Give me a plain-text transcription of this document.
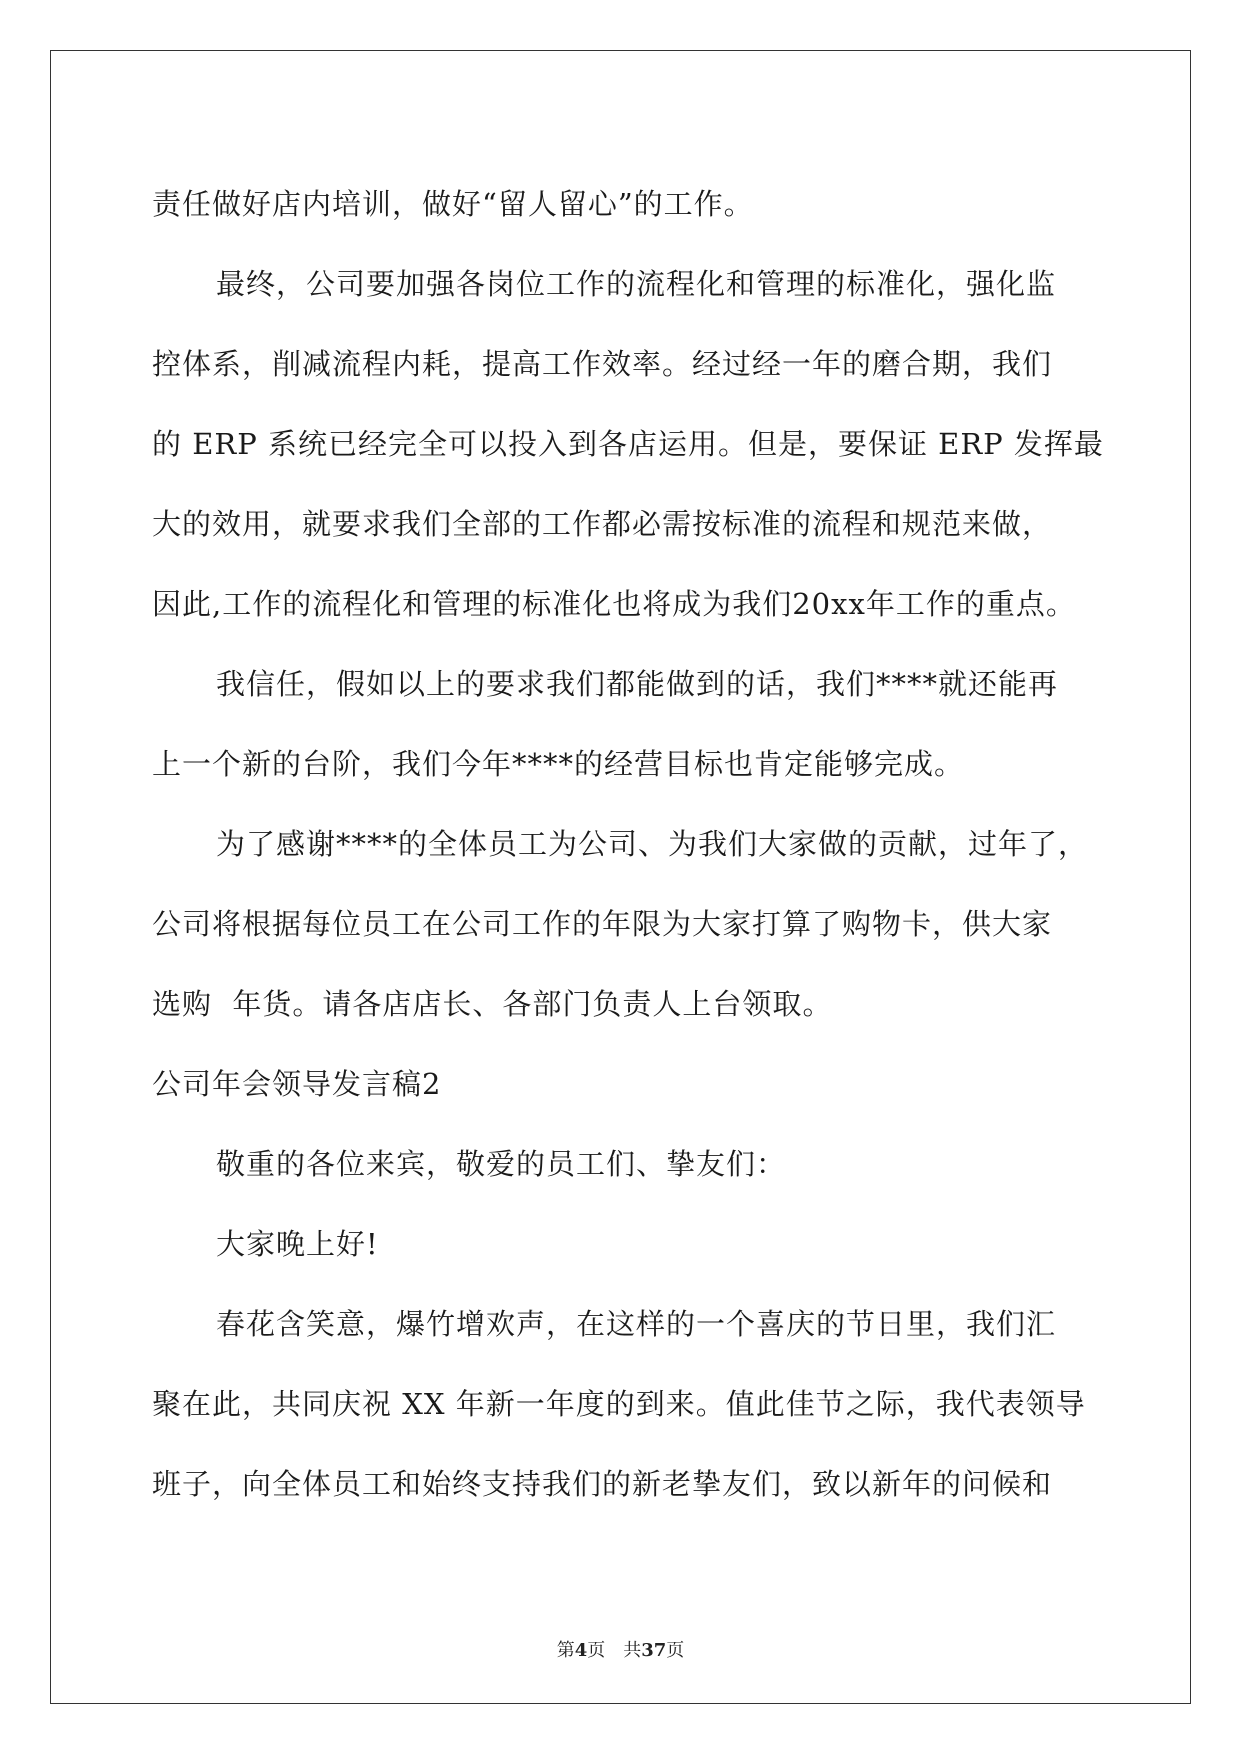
责任做好店内培训，做好“留人留心”的工作。
最终，公司要加强各岗位工作的流程化和管理的标准化，强化监
控体系，削减流程内耗，提高工作效率。经过经一年的磨合期，我们
的 ERP 系统已经完全可以投入到各店运用。但是，要保证 ERP 发挥最
大的效用，就要求我们全部的工作都必需按标准的流程和规范来做，
因此,工作的流程化和管理的标准化也将成为我们20xx年工作的重点。
我信任，假如以上的要求我们都能做到的话，我们****就还能再
上一个新的台阶，我们今年****的经营目标也肯定能够完成。
为了感谢****的全体员工为公司、为我们大家做的贡献，过年了，
公司将根据每位员工在公司工作的年限为大家打算了购物卡，供大家
选购  年货。请各店店长、各部门负责人上台领取。
公司年会领导发言稿2
敬重的各位来宾，敬爱的员工们、挚友们：
大家晚上好!
春花含笑意，爆竹增欢声，在这样的一个喜庆的节日里，我们汇
聚在此，共同庆祝 XX 年新一年度的到来。值此佳节之际，我代表领导
班子，向全体员工和始终支持我们的新老挚友们，致以新年的问候和
第4页　共37页
